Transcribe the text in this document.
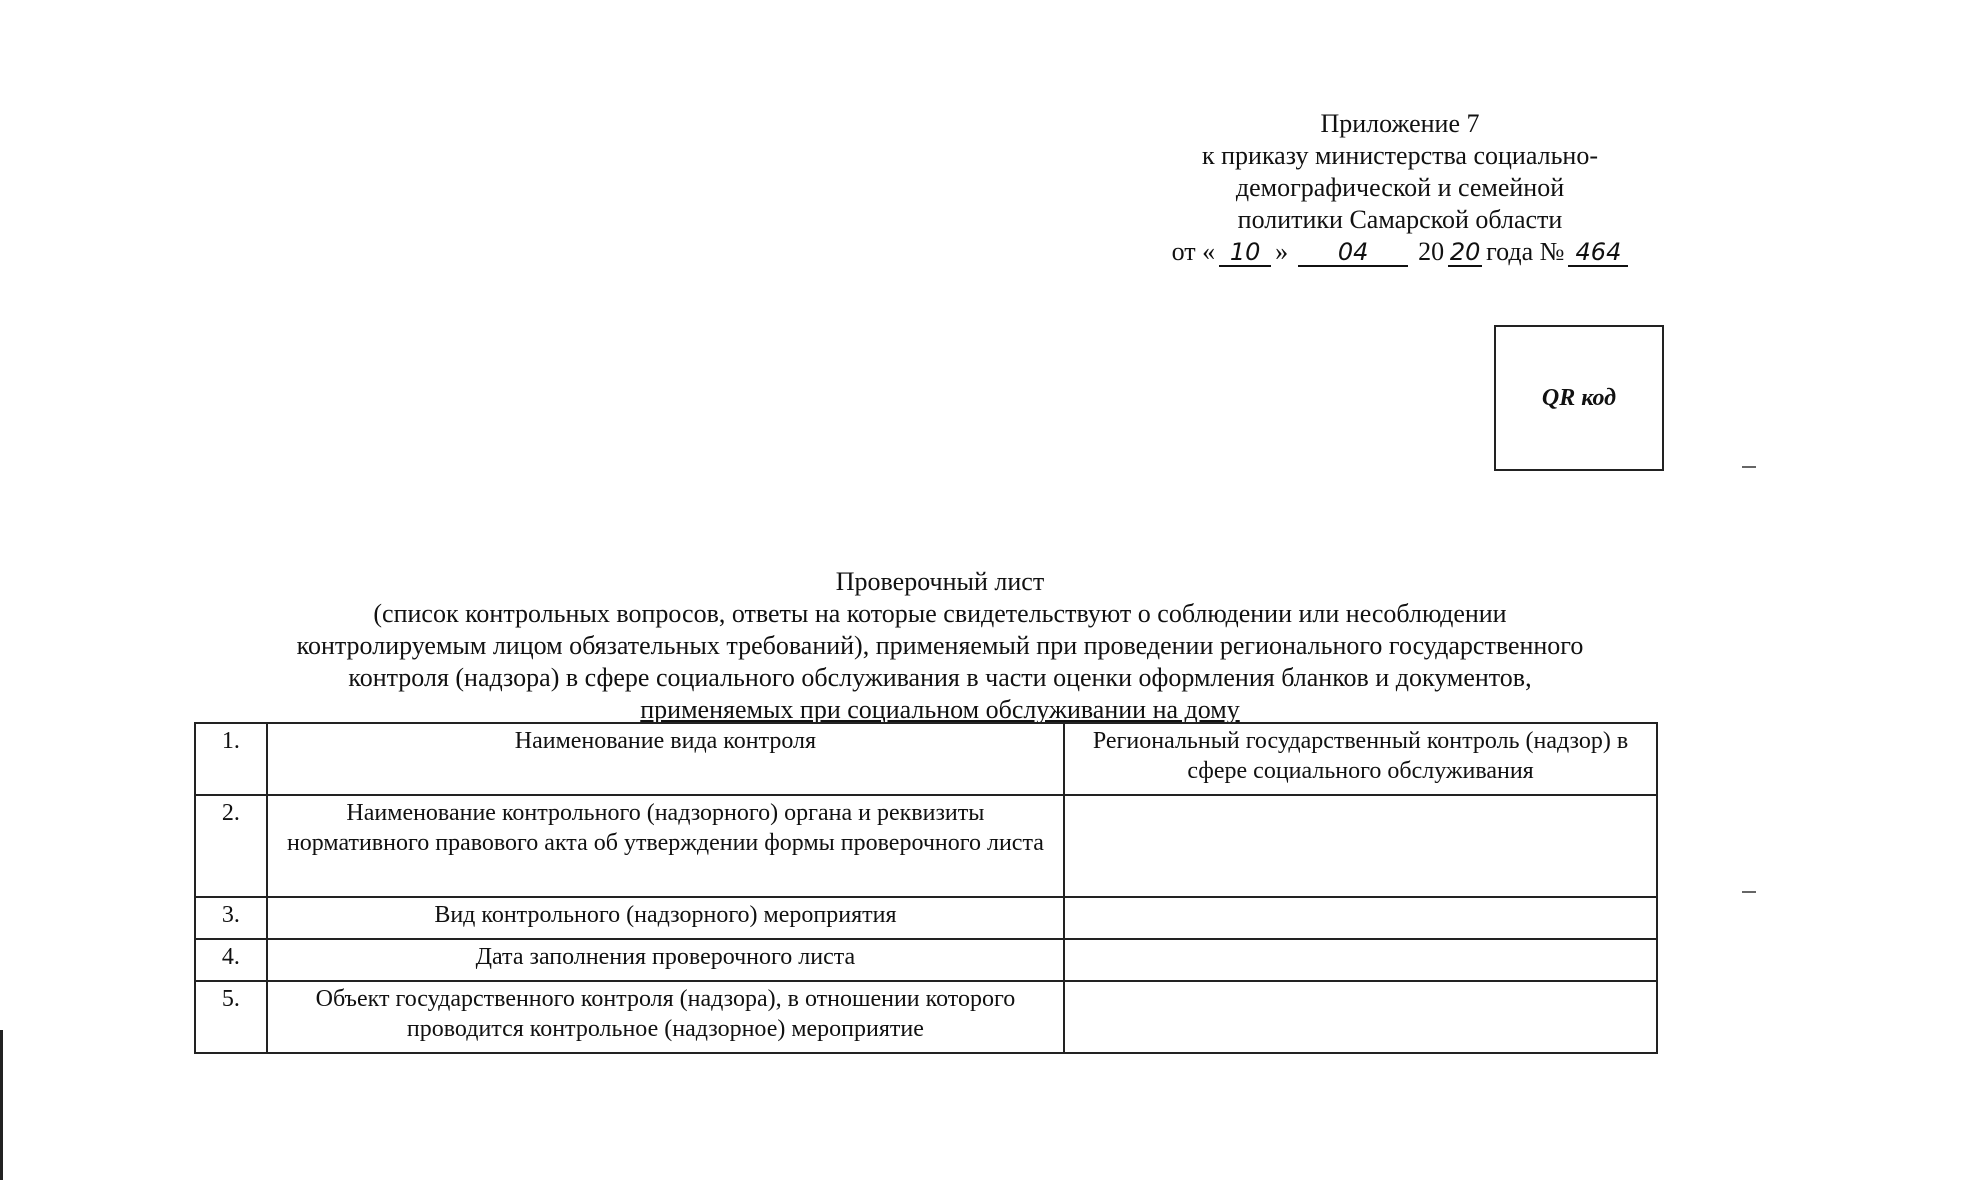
Приложение 7
к приказу министерства социально-
демографической и семейной
политики Самарской области
от « 10 »	04	20 20 года № 464
QR код
Проверочный лист
(список контрольных вопросов, ответы на которые свидетельствуют о соблюдении или несоблюдении
контролируемым лицом обязательных требований), применяемый при проведении регионального государственного
контроля (надзора) в сфере социального обслуживания в части оценки оформления бланков и документов,
применяемых при социальном обслуживании на дому
1.	Наименование вида контроля	Региональный государственный контроль (надзор) в сфере социального обслуживания
2.	Наименование контрольного (надзорного) органа и реквизиты нормативного правового акта об утверждении формы проверочного листа	
3.	Вид контрольного (надзорного) мероприятия	
4.	Дата заполнения проверочного листа	
5.	Объект государственного контроля (надзора), в отношении которого проводится контрольное (надзорное) мероприятие	
